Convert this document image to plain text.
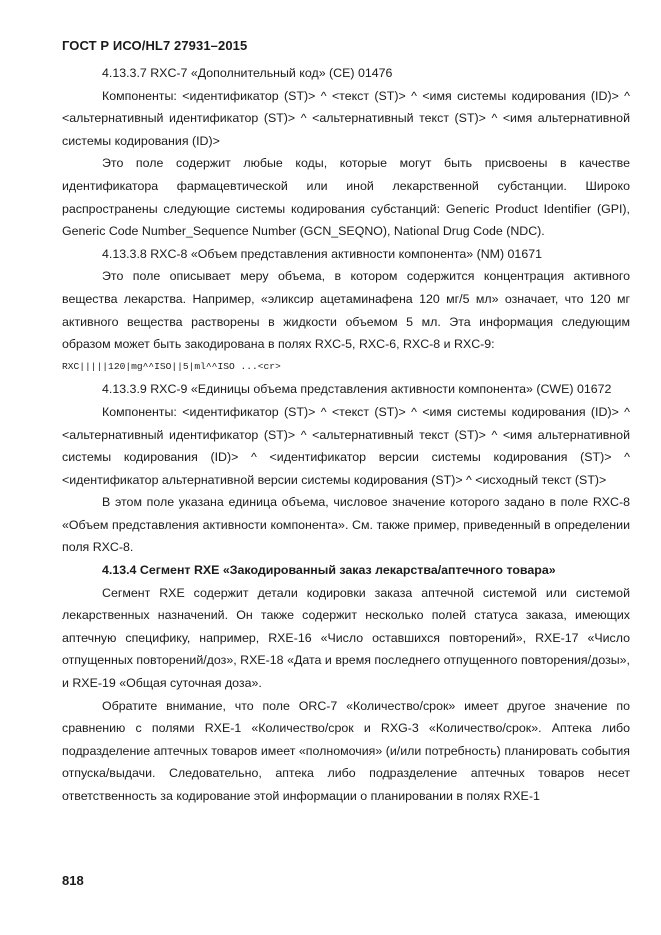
ГОСТ Р ИСО/HL7 27931–2015

4.13.3.7 RXC-7 «Дополнительный код» (CE) 01476

Компоненты: <идентификатор (ST)> ^ <текст (ST)> ^ <имя системы кодирования (ID)> ^ <альтернативный идентификатор (ST)> ^ <альтернативный текст (ST)> ^ <имя альтернативной системы кодирования (ID)>

Это поле содержит любые коды, которые могут быть присвоены в качестве идентификатора фармацевтической или иной лекарственной субстанции. Широко распространены следующие системы кодирования субстанций: Generic Product Identifier (GPI), Generic Code Number_Sequence Number (GCN_SEQNO), National Drug Code (NDC).

4.13.3.8 RXC-8 «Объем представления активности компонента» (NM) 01671

Это поле описывает меру объема, в котором содержится концентрация активного вещества лекарства. Например, «эликсир ацетаминафена 120 мг/5 мл» означает, что 120 мг активного вещества растворены в жидкости объемом 5 мл. Эта информация следующим образом может быть закодирована в полях RXC-5, RXC-6, RXC-8 и RXC-9:

RXC|||||120|mg^^ISO||5|ml^^ISO ...<cr>

4.13.3.9 RXC-9 «Единицы объема представления активности компонента» (CWE) 01672

Компоненты: <идентификатор (ST)> ^ <текст (ST)> ^ <имя системы кодирования (ID)> ^ <альтернативный идентификатор (ST)> ^ <альтернативный текст (ST)> ^ <имя альтернативной системы кодирования (ID)> ^ <идентификатор версии системы кодирования (ST)> ^ <идентификатор альтернативной версии системы кодирования (ST)> ^ <исходный текст (ST)>

В этом поле указана единица объема, числовое значение которого задано в поле RXC-8 «Объем представления активности компонента». См. также пример, приведенный в определении поля RXC-8.

4.13.4 Сегмент RXE «Закодированный заказ лекарства/аптечного товара»

Сегмент RXE содержит детали кодировки заказа аптечной системой или системой лекарственных назначений. Он также содержит несколько полей статуса заказа, имеющих аптечную специфику, например, RXE-16 «Число оставшихся повторений», RXE-17 «Число отпущенных повторений/доз», RXE-18 «Дата и время последнего отпущенного повторения/дозы», и RXE-19 «Общая суточная доза».

Обратите внимание, что поле ORC-7 «Количество/срок» имеет другое значение по сравнению с полями RXE-1 «Количество/срок и RXG-3 «Количество/срок». Аптека либо подразделение аптечных товаров имеет «полномочия» (и/или потребность) планировать события отпуска/выдачи. Следовательно, аптека либо подразделение аптечных товаров несет ответственность за кодирование этой информации о планировании в полях RXE-1

818
